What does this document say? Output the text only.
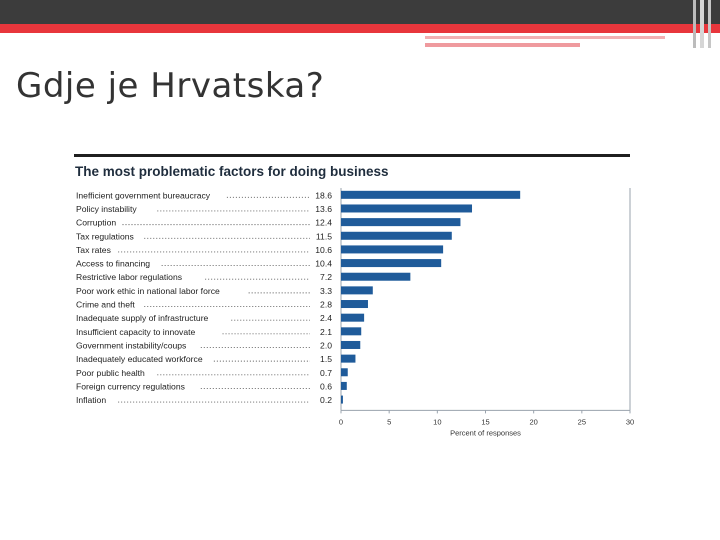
Gdje je Hrvatska?
The most problematic factors for doing business
Inefficient government bureaucracy	18.6
Policy instability	13.6
Corruption	12.4
Tax regulations	11.5
Tax rates	10.6
Access to financing	10.4
Restrictive labor regulations	7.2
Poor work ethic in national labor force	3.3
Crime and theft	2.8
Inadequate supply of infrastructure	2.4
Insufficient capacity to innovate	2.1
Government instability/coups	2.0
Inadequately educated workforce	1.5
Poor public health	0.7
Foreign currency regulations	0.6
Inflation	0.2
0	5	10	15	20	25	30
Percent of responses
